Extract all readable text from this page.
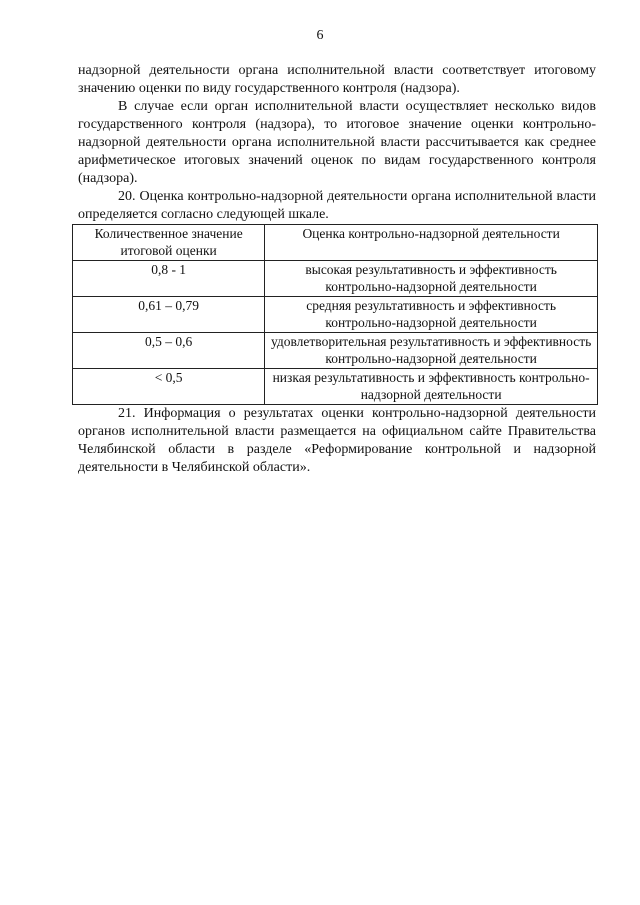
6

надзорной деятельности органа исполнительной власти соответствует итоговому значению оценки по виду государственного контроля (надзора).

В случае если орган исполнительной власти осуществляет несколько видов государственного контроля (надзора), то итоговое значение оценки контрольно-надзорной деятельности органа исполнительной власти рассчитывается как среднее арифметическое итоговых значений оценок по видам государственного контроля (надзора).

20. Оценка контрольно-надзорной деятельности органа исполнительной власти определяется согласно следующей шкале.

Количественное значение итоговой оценки	Оценка контрольно-надзорной деятельности
0,8 - 1	высокая результативность и эффективность контрольно-надзорной деятельности
0,61 – 0,79	средняя результативность и эффективность контрольно-надзорной деятельности
0,5 – 0,6	удовлетворительная результативность и эффективность контрольно-надзорной деятельности
< 0,5	низкая результативность и эффективность контрольно-надзорной деятельности

21. Информация о результатах оценки контрольно-надзорной деятельности органов исполнительной власти размещается на официальном сайте Правительства Челябинской области в разделе «Реформирование контрольной и надзорной деятельности в Челябинской области».
